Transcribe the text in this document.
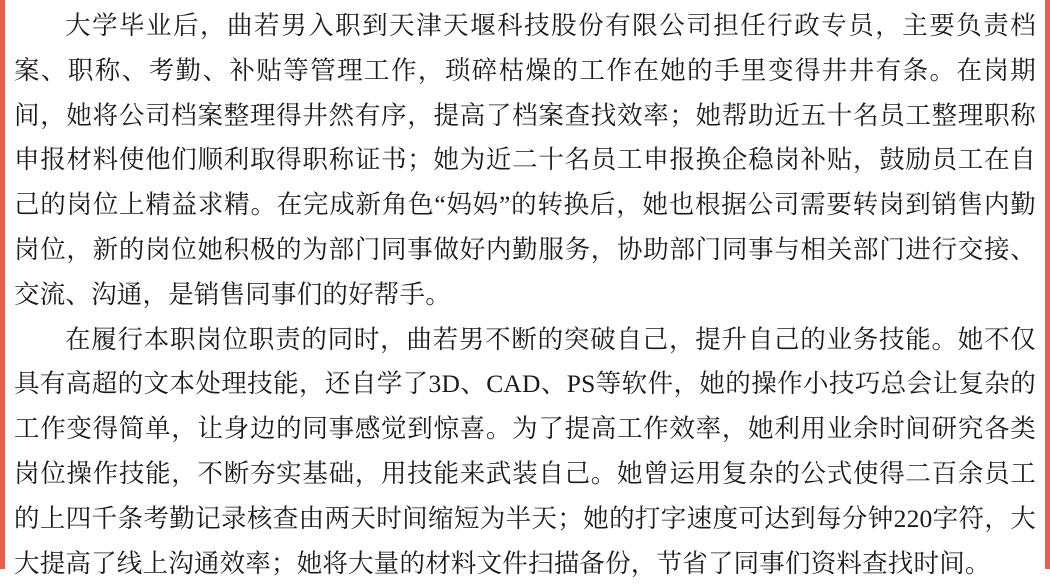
大学毕业后，曲若男入职到天津天堰科技股份有限公司担任行政专员，主要负责档案、职称、考勤、补贴等管理工作，琐碎枯燥的工作在她的手里变得井井有条。在岗期间，她将公司档案整理得井然有序，提高了档案查找效率；她帮助近五十名员工整理职称申报材料使他们顺利取得职称证书；她为近二十名员工申报换企稳岗补贴，鼓励员工在自己的岗位上精益求精。在完成新角色“妈妈”的转换后，她也根据公司需要转岗到销售内勤岗位，新的岗位她积极的为部门同事做好内勤服务，协助部门同事与相关部门进行交接、交流、沟通，是销售同事们的好帮手。

在履行本职岗位职责的同时，曲若男不断的突破自己，提升自己的业务技能。她不仅具有高超的文本处理技能，还自学了3D、CAD、PS等软件，她的操作小技巧总会让复杂的工作变得简单，让身边的同事感觉到惊喜。为了提高工作效率，她利用业余时间研究各类岗位操作技能，不断夯实基础，用技能来武装自己。她曾运用复杂的公式使得二百余员工的上四千条考勤记录核查由两天时间缩短为半天；她的打字速度可达到每分钟220字符，大大提高了线上沟通效率；她将大量的材料文件扫描备份，节省了同事们资料查找时间。
